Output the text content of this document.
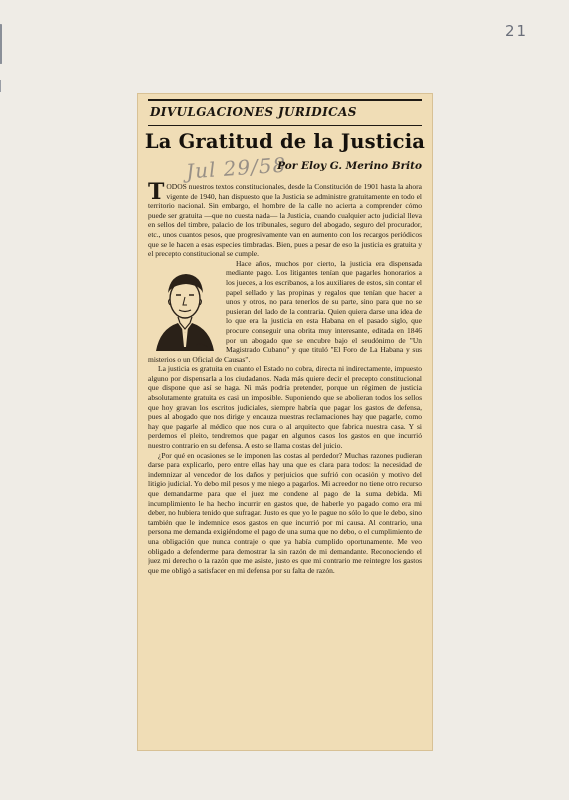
21
DIVULGACIONES JURIDICAS
La Gratitud de la Justicia
Jul 29/58
Por Eloy G. Merino Brito

T ODOS nuestros textos constitucionales, desde la Constitución de 1901 hasta la ahora vigente de 1940, han dispuesto que la Justicia se administre gratuitamente en todo el territorio nacional. Sin embargo, el hombre de la calle no acierta a comprender cómo puede ser gratuita —que no cuesta nada— la Justicia, cuando cualquier acto judicial lleva en sellos del timbre, palacio de los tribunales, seguro del abogado, seguro del procurador, etc., unos cuantos pesos, que progresivamente van en aumento con los recargos periódicos que se le hacen a esas especies timbradas. Bien, pues a pesar de eso la justicia es gratuita y el precepto constitucional se cumple.

Hace años, muchos por cierto, la justicia era dispensada mediante pago. Los litigantes tenían que pagarles honorarios a los jueces, a los escribanos, a los auxiliares de estos, sin contar el papel sellado y las propinas y regalos que tenían que hacer a unos y otros, no para tenerlos de su parte, sino para que no se pusieran del lado de la contraria. Quien quiera darse una idea de lo que era la justicia en esta Habana en el pasado siglo, que procure conseguir una obrita muy interesante, editada en 1846 por un abogado que se encubre bajo el seudónimo de "Un Magistrado Cubano" y que tituló "El Foro de La Habana y sus misterios o un Oficial de Causas".

La justicia es gratuita en cuanto el Estado no cobra, directa ni indirectamente, impuesto alguno por dispensarla a los ciudadanos. Nada más quiere decir el precepto constitucional que dispone que así se haga. Ni más podría pretender, porque un régimen de justicia absolutamente gratuita es casi un imposible. Suponiendo que se abolieran todos los sellos que hoy gravan los escritos judiciales, siempre habría que pagar los gastos de defensa, pues al abogado que nos dirige y encauza nuestras reclamaciones hay que pagarle, como hay que pagarle al médico que nos cura o al arquitecto que fabrica nuestra casa. Y si perdemos el pleito, tendremos que pagar en algunos casos los gastos en que incurrió nuestro contrario en su defensa. A esto se llama costas del juicio.

¿Por qué en ocasiones se le imponen las costas al perdedor? Muchas razones pudieran darse para explicarlo, pero entre ellas hay una que es clara para todos: la necesidad de indemnizar al vencedor de los daños y perjuicios que sufrió con ocasión y motivo del litigio judicial. Yo debo mil pesos y me niego a pagarlos. Mi acreedor no tiene otro recurso que demandarme para que el juez me condene al pago de la suma debida. Mi incumplimiento le ha hecho incurrir en gastos que, de haberle yo pagado como era mi deber, no hubiera tenido que sufragar. Justo es que yo le pague no sólo lo que le debo, sino también que le indemnice esos gastos en que incurrió por mi causa. Al contrario, una persona me demanda exigiéndome el pago de una suma que no debo, o el cumplimiento de una obligación que nunca contraje o que ya había cumplido oportunamente. Me veo obligado a defenderme para demostrar la sin razón de mi demandante. Reconociendo el juez mi derecho o la razón que me asiste, justo es que mi contrario me reintegre los gastos que me obligó a satisfacer en mi defensa por su falta de razón.
